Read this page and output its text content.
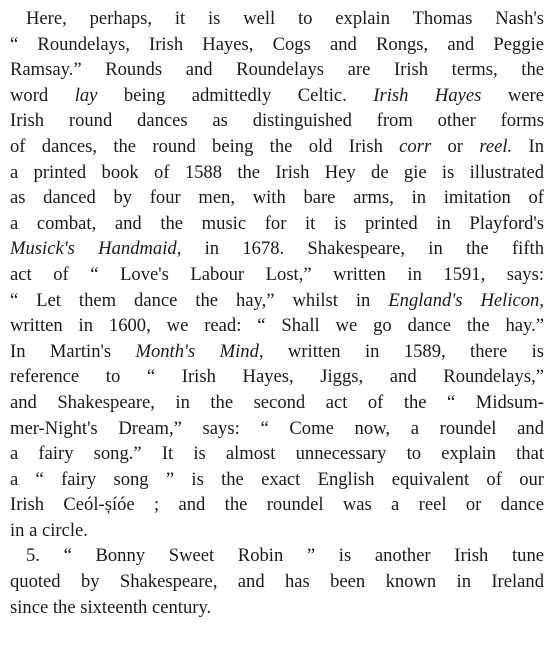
Here, perhaps, it is well to explain Thomas Nash's
“ Roundelays, Irish Hayes, Cogs and Rongs, and Peggie
Ramsay.” Rounds and Roundelays are Irish terms, the
word lay being admittedly Celtic. Irish Hayes were
Irish round dances as distinguished from other forms
of dances, the round being the old Irish corr or reel. In
a printed book of 1588 the Irish Hey de gie is illustrated
as danced by four men, with bare arms, in imitation of
a combat, and the music for it is printed in Playford's
Musick's Handmaid, in 1678. Shakespeare, in the fifth
act of “ Love's Labour Lost,” written in 1591, says:
“ Let them dance the hay,” whilst in England's Helicon,
written in 1600, we read: “ Shall we go dance the hay.”
In Martin's Month's Mind, written in 1589, there is
reference to “ Irish Hayes, Jiggs, and Roundelays,”
and Shakespeare, in the second act of the “ Midsum-
mer-Night's Dream,” says: “ Come now, a roundel and
a fairy song.” It is almost unnecessary to explain that
a “ fairy song ” is the exact English equivalent of our
Irish Ceól-șíóe ; and the roundel was a reel or dance
in a circle.
5. “ Bonny Sweet Robin ” is another Irish tune
quoted by Shakespeare, and has been known in Ireland
since the sixteenth century.
